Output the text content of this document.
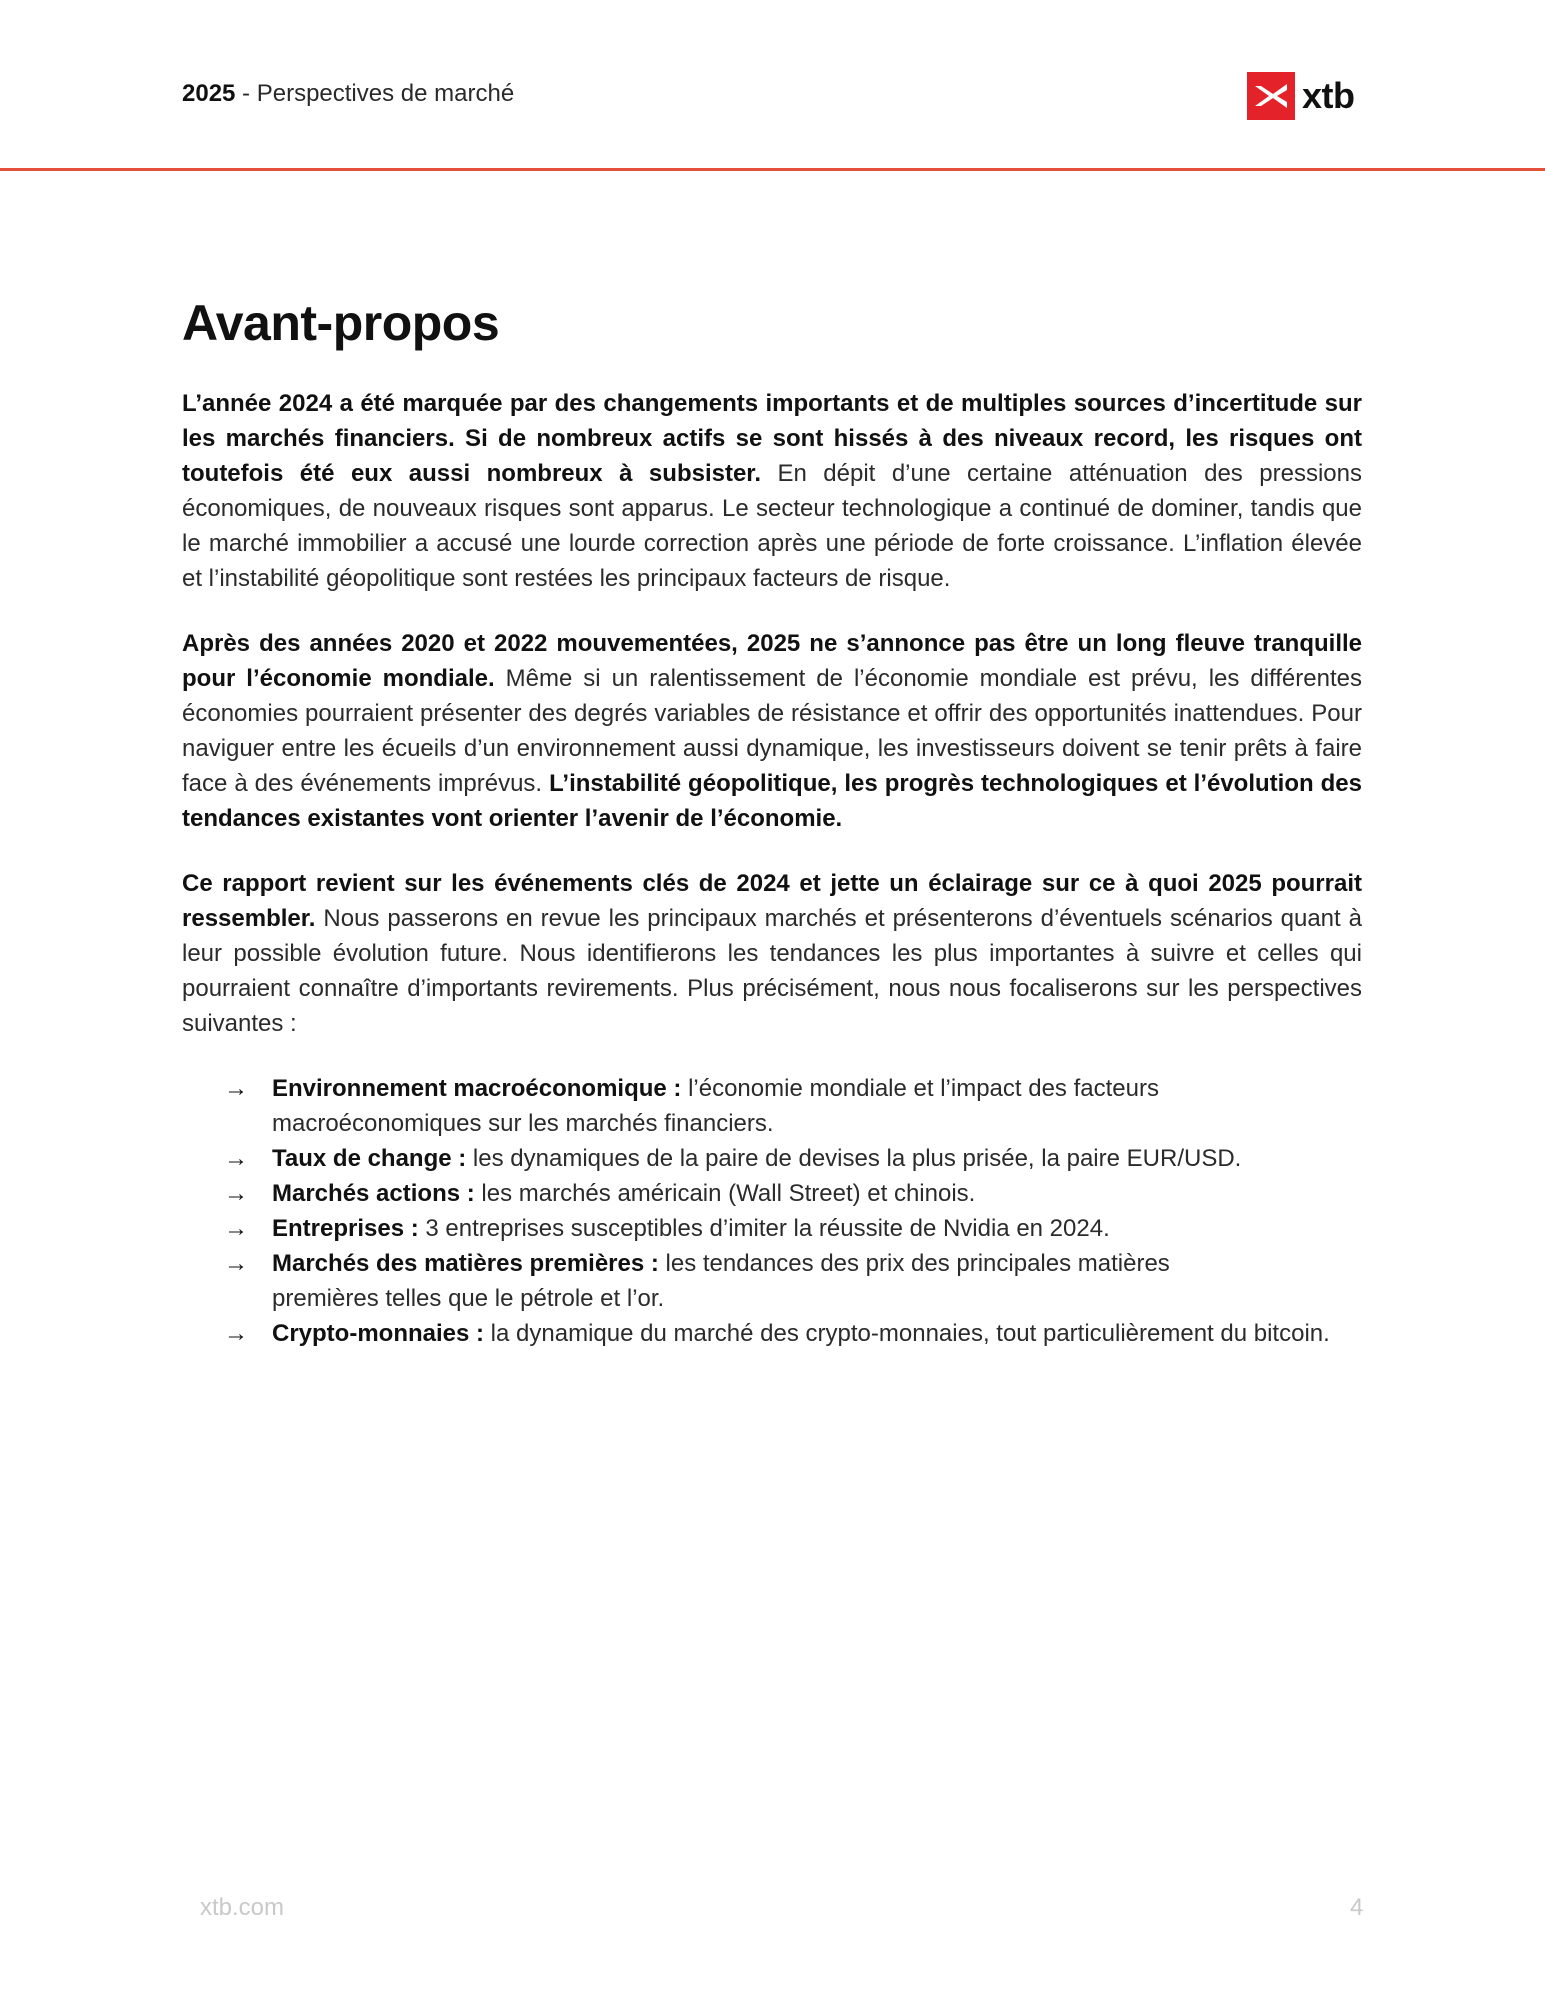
2025 - Perspectives de marché	xtb
Avant-propos

L’année 2024 a été marquée par des changements importants et de multiples sources d’incertitude sur les marchés financiers. Si de nombreux actifs se sont hissés à des niveaux record, les risques ont toutefois été eux aussi nombreux à subsister. En dépit d’une certaine atténuation des pressions économiques, de nouveaux risques sont apparus. Le secteur technologique a continué de dominer, tandis que le marché immobilier a accusé une lourde correction après une période de forte croissance. L’inflation élevée et l’instabilité géopolitique sont restées les principaux facteurs de risque.

Après des années 2020 et 2022 mouvementées, 2025 ne s’annonce pas être un long fleuve tranquille pour l’économie mondiale. Même si un ralentissement de l’économie mondiale est prévu, les différentes économies pourraient présenter des degrés variables de résistance et offrir des opportunités inattendues. Pour naviguer entre les écueils d’un environnement aussi dynamique, les investisseurs doivent se tenir prêts à faire face à des événements imprévus. L’instabilité géopolitique, les progrès technologiques et l’évolution des tendances existantes vont orienter l’avenir de l’économie.

Ce rapport revient sur les événements clés de 2024 et jette un éclairage sur ce à quoi 2025 pourrait ressembler. Nous passerons en revue les principaux marchés et présenterons d’éventuels scénarios quant à leur possible évolution future. Nous identifierons les tendances les plus importantes à suivre et celles qui pourraient connaître d’importants revirements. Plus précisément, nous nous focaliserons sur les perspectives suivantes :

→ Environnement macroéconomique : l’économie mondiale et l’impact des facteurs macroéconomiques sur les marchés financiers.
→ Taux de change : les dynamiques de la paire de devises la plus prisée, la paire EUR/USD.
→ Marchés actions : les marchés américain (Wall Street) et chinois.
→ Entreprises : 3 entreprises susceptibles d’imiter la réussite de Nvidia en 2024.
→ Marchés des matières premières : les tendances des prix des principales matières premières telles que le pétrole et l’or.
→ Crypto-monnaies : la dynamique du marché des crypto-monnaies, tout particulièrement du bitcoin.
xtb.com	4
